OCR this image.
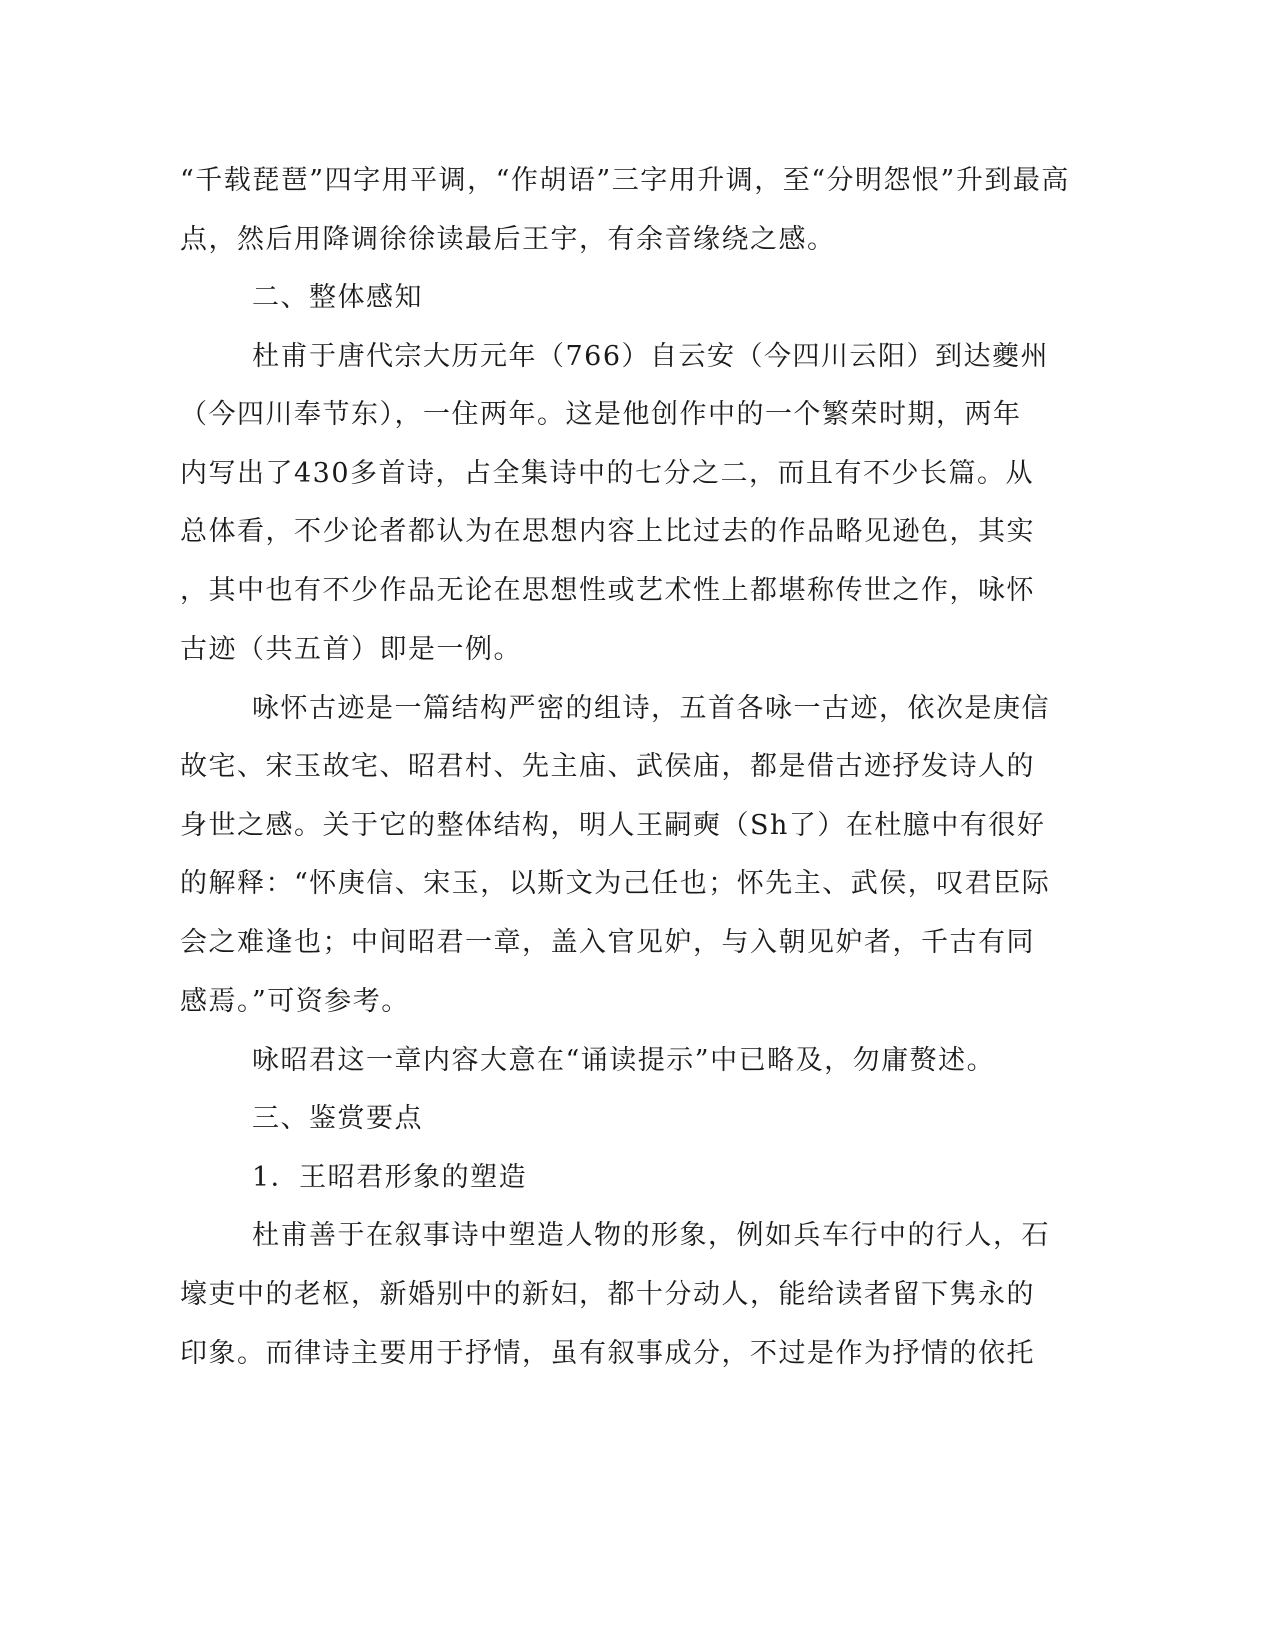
“千载琵琶”四字用平调，“作胡语”三字用升调，至“分明怨恨”升到最高
点，然后用降调徐徐读最后王宇，有余音缘绕之感。
二、整体感知
杜甫于唐代宗大历元年（766）自云安（今四川云阳）到达夔州
（今四川奉节东），一住两年。这是他创作中的一个繁荣时期，两年
内写出了430多首诗，占全集诗中的七分之二，而且有不少长篇。从
总体看，不少论者都认为在思想内容上比过去的作品略见逊色，其实
，其中也有不少作品无论在思想性或艺术性上都堪称传世之作，咏怀
古迹（共五首）即是一例。
咏怀古迹是一篇结构严密的组诗，五首各咏一古迹，依次是庚信
故宅、宋玉故宅、昭君村、先主庙、武侯庙，都是借古迹抒发诗人的
身世之感。关于它的整体结构，明人王嗣奭（Sh了）在杜臆中有很好
的解释：“怀庚信、宋玉，以斯文为己任也；怀先主、武侯，叹君臣际
会之难逢也；中间昭君一章，盖入官见妒，与入朝见妒者，千古有同
感焉。”可资参考。
咏昭君这一章内容大意在“诵读提示”中已略及，勿庸赘述。
三、鉴赏要点
1．王昭君形象的塑造
杜甫善于在叙事诗中塑造人物的形象，例如兵车行中的行人，石
壕吏中的老枢，新婚别中的新妇，都十分动人，能给读者留下隽永的
印象。而律诗主要用于抒情，虽有叙事成分，不过是作为抒情的依托
